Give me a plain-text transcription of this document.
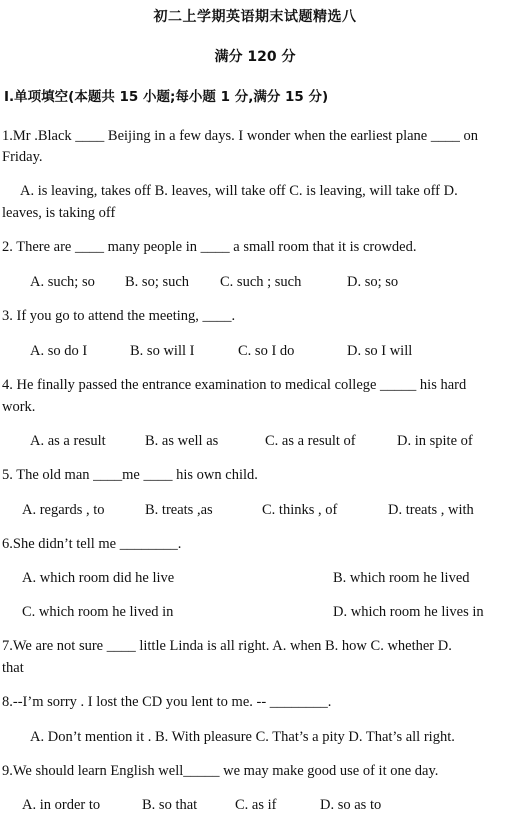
初二上学期英语期末试题精选八
满分 120 分
I.单项填空(本题共 15 小题;每小题 1 分,满分 15 分)
1.Mr .Black ____ Beijing in a few days. I wonder when the earliest plane ____ on
Friday.
A. is leaving, takes off B. leaves, will take off C. is leaving, will take off D.
leaves, is taking off
2. There are ____ many people in ____ a small room that it is crowded.
A. such; so B. so; such C. such ; such	D. so; so
3. If you go to attend the meeting, ____.
A. so do I	B. so will I	C. so I do	D. so I will
4. He finally passed the entrance examination to medical college _____ his hard
work.
A. as a result	B. as well as	C. as a result of	D. in spite of
5. The old man ____me ____ his own child.
A. regards , to	B. treats ,as	C. thinks , of	D. treats , with
6.She didn’t tell me ________.
A. which room did he live	B. which room he lived
C. which room he lived in	D. which room he lives in
7.We are not sure ____ little Linda is all right. A. when B. how C. whether D.
that
8.--I’m sorry . I lost the CD you lent to me. -- ________.
A. Don’t mention it . B. With pleasure C. That’s a pity D. That’s all right.
9.We should learn English well_____ we may make good use of it one day.
A. in order to	B. so that	C. as if	D. so as to
